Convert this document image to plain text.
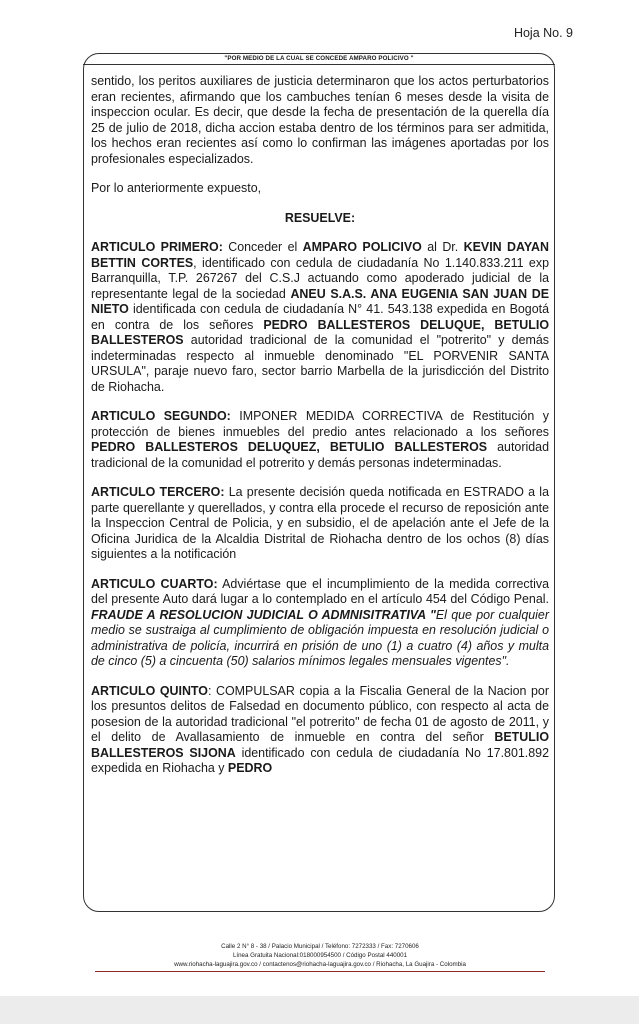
Hoja No. 9
"POR MEDIO DE LA CUAL SE CONCEDE AMPARO POLICIVO "

sentido, los peritos auxiliares de justicia determinaron que los actos perturbatorios eran recientes, afirmando que los cambuches tenían 6 meses desde la visita de inspeccion ocular. Es decir, que desde la fecha de presentación de la querella día 25 de julio de 2018, dicha accion estaba dentro de los términos para ser admitida, los hechos eran recientes así como lo confirman las imágenes aportadas por los profesionales especializados.

Por lo anteriormente expuesto,

RESUELVE:

ARTICULO PRIMERO: Conceder el AMPARO POLICIVO al Dr. KEVIN DAYAN BETTIN CORTES, identificado con cedula de ciudadanía No 1.140.833.211 exp Barranquilla, T.P. 267267 del C.S.J actuando como apoderado judicial de la representante legal de la sociedad ANEU S.A.S. ANA EUGENIA SAN JUAN DE NIETO identificada con cedula de ciudadanía N° 41. 543.138 expedida en Bogotá en contra de los señores PEDRO BALLESTEROS DELUQUE, BETULIO BALLESTEROS autoridad tradicional de la comunidad el "potrerito" y demás indeterminadas respecto al inmueble denominado "EL PORVENIR SANTA URSULA", paraje nuevo faro, sector barrio Marbella de la jurisdicción del Distrito de Riohacha.

ARTICULO SEGUNDO: IMPONER MEDIDA CORRECTIVA de Restitución y protección de bienes inmuebles del predio antes relacionado a los señores PEDRO BALLESTEROS DELUQUEZ, BETULIO BALLESTEROS autoridad tradicional de la comunidad el potrerito y demás personas indeterminadas.

ARTICULO TERCERO: La presente decisión queda notificada en ESTRADO a la parte querellante y querellados, y contra ella procede el recurso de reposición ante la Inspeccion Central de Policia, y en subsidio, el de apelación ante el Jefe de la Oficina Juridica de la Alcaldia Distrital de Riohacha dentro de los ochos (8) días siguientes a la notificación

ARTICULO CUARTO: Adviértase que el incumplimiento de la medida correctiva del presente Auto dará lugar a lo contemplado en el artículo 454 del Código Penal. FRAUDE A RESOLUCION JUDICIAL O ADMNISITRATIVA "El que por cualquier medio se sustraiga al cumplimiento de obligación impuesta en resolución judicial o administrativa de policía, incurrirá en prisión de uno (1) a cuatro (4) años y multa de cinco (5) a cincuenta (50) salarios mínimos legales mensuales vigentes".

ARTICULO QUINTO: COMPULSAR copia a la Fiscalia General de la Nacion por los presuntos delitos de Falsedad en documento público, con respecto al acta de posesion de la autoridad tradicional "el potrerito" de fecha 01 de agosto de 2011, y el delito de Avallasamiento de inmueble en contra del señor BETULIO BALLESTEROS SIJONA identificado con cedula de ciudadanía No 17.801.892 expedida en Riohacha y PEDRO

Calle 2 N° 8 - 38 / Palacio Municipal / Teléfono: 7272333 / Fax: 7270606
Línea Gratuita Nacional:018000954500 / Código Postal 440001
www.riohacha-laguajira.gov.co / contactenos@riohacha-laguajira.gov.co / Riohacha, La Guajira - Colombia
